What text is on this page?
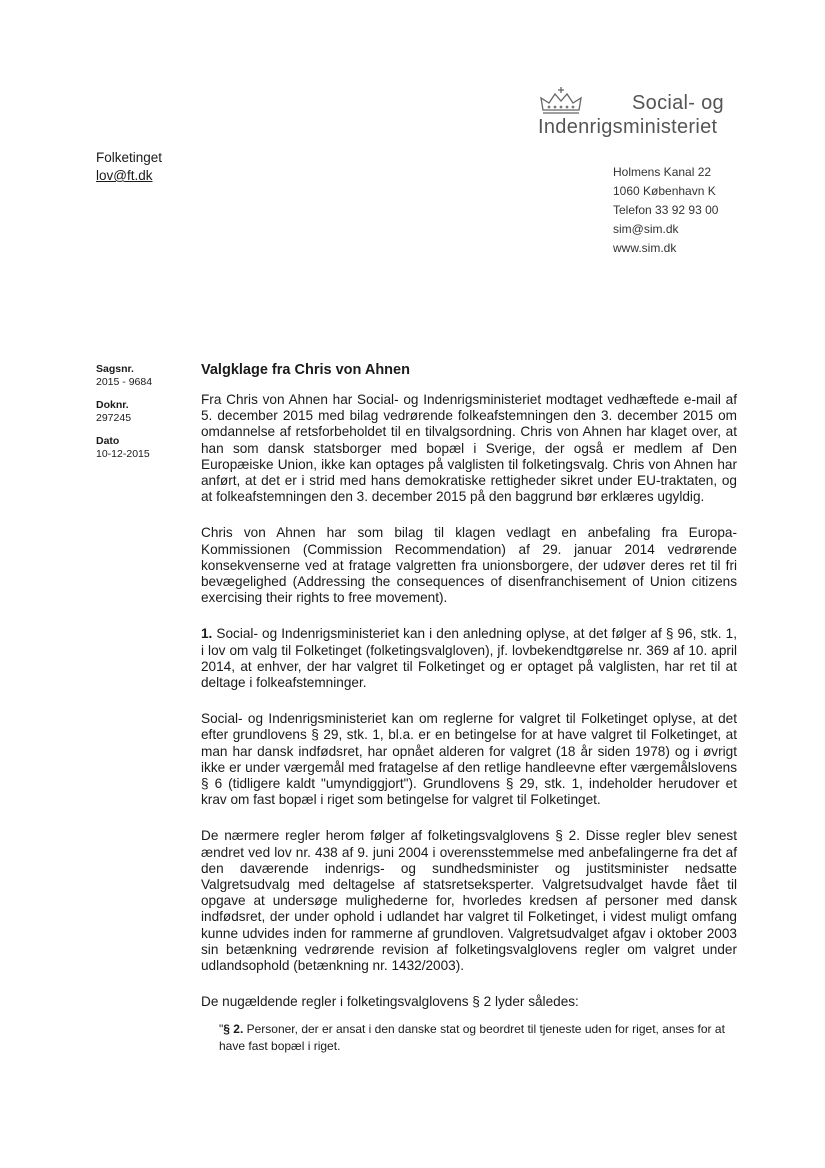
Social- og
Indenrigsministeriet
Folketinget
lov@ft.dk	Holmens Kanal 22
1060 København K
Telefon 33 92 93 00
sim@sim.dk
www.sim.dk
Sagsnr.
2015 - 9684
Doknr.
297245
Dato
10-12-2015
Valgklage fra Chris von Ahnen

Fra Chris von Ahnen har Social- og Indenrigsministeriet modtaget vedhæftede e-mail af 5. december 2015 med bilag vedrørende folkeafstemningen den 3. december 2015 om omdannelse af retsforbeholdet til en tilvalgsordning. Chris von Ahnen har klaget over, at han som dansk statsborger med bopæl i Sverige, der også er medlem af Den Europæiske Union, ikke kan optages på valglisten til folketingsvalg. Chris von Ahnen har anført, at det er i strid med hans demokratiske rettigheder sikret under EU-traktaten, og at folkeafstemningen den 3. december 2015 på den baggrund bør erklæres ugyldig.

Chris von Ahnen har som bilag til klagen vedlagt en anbefaling fra Europa-Kommissionen (Commission Recommendation) af 29. januar 2014 vedrørende konsekvenserne ved at fratage valgretten fra unionsborgere, der udøver deres ret til fri bevægelighed (Addressing the consequences of disenfranchisement of Union citizens exercising their rights to free movement).

1. Social- og Indenrigsministeriet kan i den anledning oplyse, at det følger af § 96, stk. 1, i lov om valg til Folketinget (folketingsvalgloven), jf. lovbekendtgørelse nr. 369 af 10. april 2014, at enhver, der har valgret til Folketinget og er optaget på valglisten, har ret til at deltage i folkeafstemninger.

Social- og Indenrigsministeriet kan om reglerne for valgret til Folketinget oplyse, at det efter grundlovens § 29, stk. 1, bl.a. er en betingelse for at have valgret til Folketinget, at man har dansk indfødsret, har opnået alderen for valgret (18 år siden 1978) og i øvrigt ikke er under værgemål med fratagelse af den retlige handleevne efter værgemålslovens § 6 (tidligere kaldt "umyndiggjort"). Grundlovens § 29, stk. 1, indeholder herudover et krav om fast bopæl i riget som betingelse for valgret til Folketinget.

De nærmere regler herom følger af folketingsvalglovens § 2. Disse regler blev senest ændret ved lov nr. 438 af 9. juni 2004 i overensstemmelse med anbefalingerne fra det af den daværende indenrigs- og sundhedsminister og justitsminister nedsatte Valgretsudvalg med deltagelse af statsretseksperter. Valgretsudvalget havde fået til opgave at undersøge mulighederne for, hvorledes kredsen af personer med dansk indfødsret, der under ophold i udlandet har valgret til Folketinget, i videst muligt omfang kunne udvides inden for rammerne af grundloven. Valgretsudvalget afgav i oktober 2003 sin betænkning vedrørende revision af folketingsvalglovens regler om valgret under udlandsophold (betænkning nr. 1432/2003).

De nugældende regler i folketingsvalglovens § 2 lyder således:

"§ 2. Personer, der er ansat i den danske stat og beordret til tjeneste uden for riget, anses for at have fast bopæl i riget.
